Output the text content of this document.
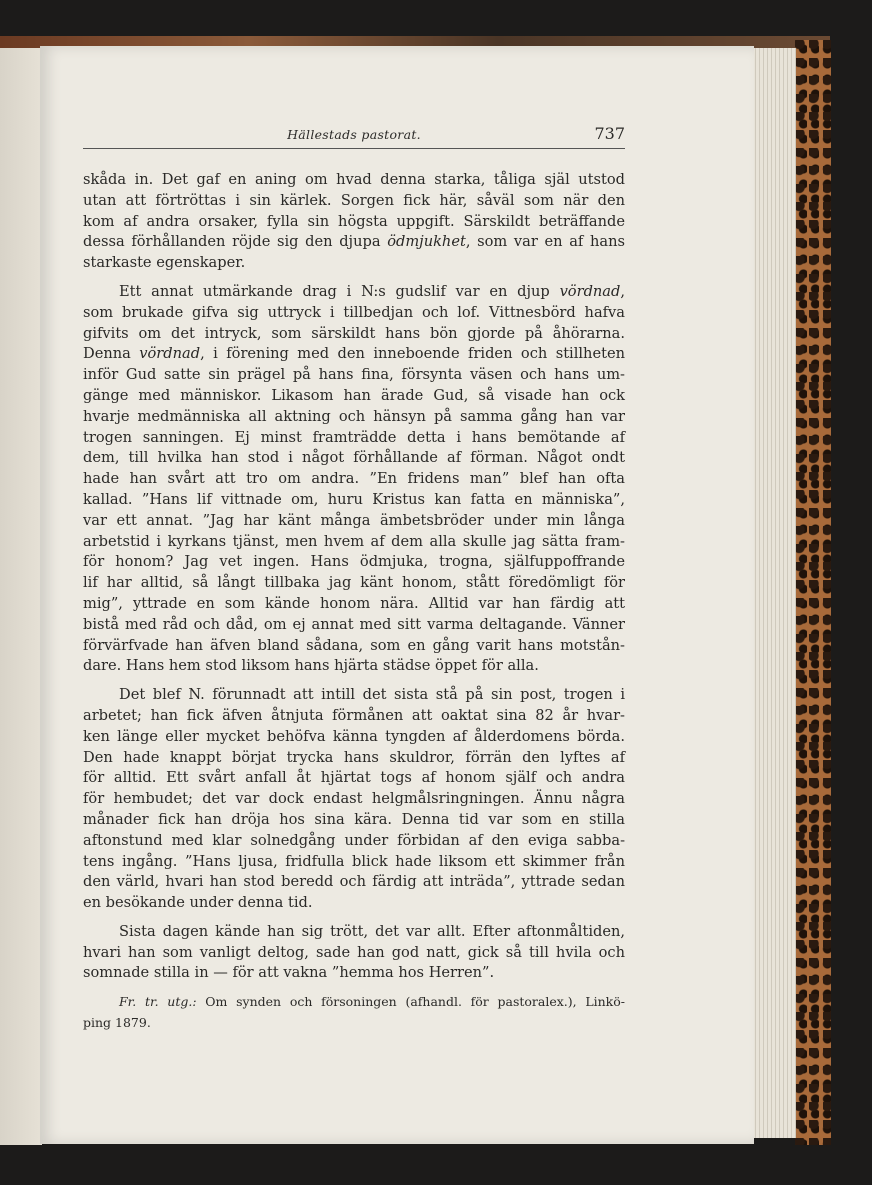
Hällestads pastorat.	737
skåda in. Det gaf en aning om hvad denna starka, tåliga själ utstod
utan att förtröttas i sin kärlek. Sorgen fick här, såväl som när den
kom af andra orsaker, fylla sin högsta uppgift. Särskildt beträffande
dessa förhållanden röjde sig den djupa ödmjukhet, som var en af hans
starkaste egenskaper.
Ett annat utmärkande drag i N:s gudslif var en djup vördnad,
som brukade gifva sig uttryck i tillbedjan och lof. Vittnesbörd hafva
gifvits om det intryck, som särskildt hans bön gjorde på åhörarna.
Denna vördnad, i förening med den inneboende friden och stillheten
inför Gud satte sin prägel på hans fina, försynta väsen och hans um-
gänge med människor. Likasom han ärade Gud, så visade han ock
hvarje medmänniska all aktning och hänsyn på samma gång han var
trogen sanningen. Ej minst framträdde detta i hans bemötande af
dem, till hvilka han stod i något förhållande af förman. Något ondt
hade han svårt att tro om andra. ”En fridens man” blef han ofta
kallad. ”Hans lif vittnade om, huru Kristus kan fatta en människa”,
var ett annat. ”Jag har känt många ämbetsbröder under min långa
arbetstid i kyrkans tjänst, men hvem af dem alla skulle jag sätta fram-
för honom? Jag vet ingen. Hans ödmjuka, trogna, själfuppoffrande
lif har alltid, så långt tillbaka jag känt honom, stått föredömligt för
mig”, yttrade en som kände honom nära. Alltid var han färdig att
bistå med råd och dåd, om ej annat med sitt varma deltagande. Vänner
förvärfvade han äfven bland sådana, som en gång varit hans motstån-
dare. Hans hem stod liksom hans hjärta städse öppet för alla.
Det blef N. förunnadt att intill det sista stå på sin post, trogen i
arbetet; han fick äfven åtnjuta förmånen att oaktat sina 82 år hvar-
ken länge eller mycket behöfva känna tyngden af ålderdomens börda.
Den hade knappt börjat trycka hans skuldror, förrän den lyftes af
för alltid. Ett svårt anfall åt hjärtat togs af honom själf och andra
för hembudet; det var dock endast helgmålsringningen. Ännu några
månader fick han dröja hos sina kära. Denna tid var som en stilla
aftonstund med klar solnedgång under förbidan af den eviga sabba-
tens ingång. ”Hans ljusa, fridfulla blick hade liksom ett skimmer från
den värld, hvari han stod beredd och färdig att inträda”, yttrade sedan
en besökande under denna tid.
Sista dagen kände han sig trött, det var allt. Efter aftonmåltiden,
hvari han som vanligt deltog, sade han god natt, gick så till hvila och
somnade stilla in — för att vakna ”hemma hos Herren”.
Fr. tr. utg.: Om synden och försoningen (afhandl. för pastoralex.), Linkö-
ping 1879.
